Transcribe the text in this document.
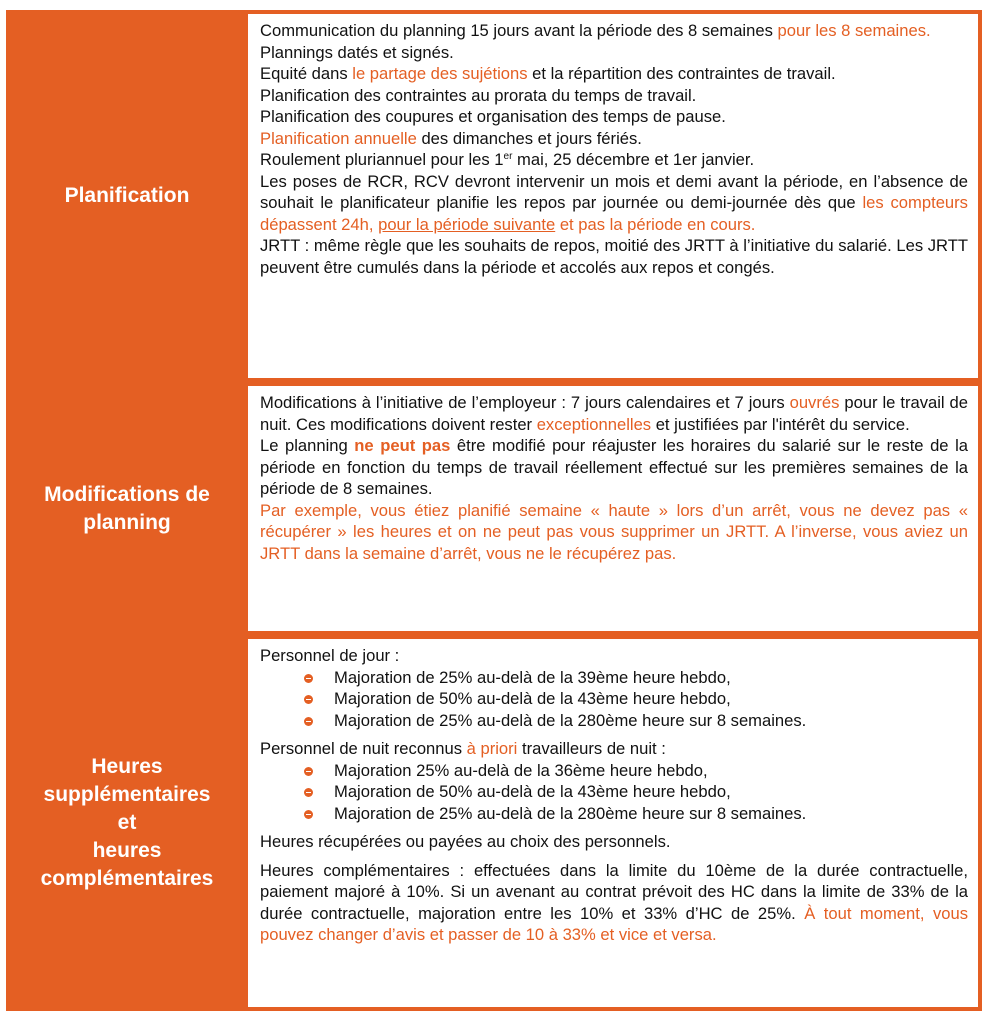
Planification

Communication du planning 15 jours avant la période des 8 semaines pour les 8 semaines.

Plannings datés et signés.

Equité dans le partage des sujétions et la répartition des contraintes de travail.

Planification des contraintes au prorata du temps de travail.

Planification des coupures et organisation des temps de pause.

Planification annuelle des dimanches et jours fériés.

Roulement pluriannuel pour les 1er mai, 25 décembre et 1er janvier.

Les poses de RCR, RCV devront intervenir un mois et demi avant la période, en l’absence de souhait le planificateur planifie les repos par journée ou demi-journée dès que les compteurs dépassent 24h, pour la période suivante et pas la période en cours.

JRTT : même règle que les souhaits de repos, moitié des JRTT à l’initiative du salarié. Les JRTT peuvent être cumulés dans la période et accolés aux repos et congés.

Modifications de
planning

Modifications à l’initiative de l’employeur : 7 jours calendaires et 7 jours ouvrés pour le travail de nuit. Ces modifications doivent rester exceptionnelles et justifiées par l'intérêt du service.

Le planning ne peut pas être modifié pour réajuster les horaires du salarié sur le reste de la période en fonction du temps de travail réellement effectué sur les premières semaines de la période de 8 semaines.

Par exemple, vous étiez planifié semaine « haute » lors d’un arrêt, vous ne devez pas « récupérer » les heures et on ne peut pas vous supprimer un JRTT. A l’inverse, vous aviez un JRTT dans la semaine d’arrêt, vous ne le récupérez pas.

Heures
supplémentaires
et
heures
complémentaires

Personnel de jour :

Majoration de 25% au-delà de la 39ème heure hebdo,
Majoration de 50% au-delà de la 43ème heure hebdo,
Majoration de 25% au-delà de la 280ème heure sur 8 semaines.

Personnel de nuit reconnus à priori travailleurs de nuit :

Majoration 25% au-delà de la 36ème heure hebdo,
Majoration de 50% au-delà de la 43ème heure hebdo,
Majoration de 25% au-delà de la 280ème heure sur 8 semaines.

Heures récupérées ou payées au choix des personnels.

Heures complémentaires : effectuées dans la limite du 10ème de la durée contractuelle, paiement majoré à 10%. Si un avenant au contrat prévoit des HC dans la limite de 33% de la durée contractuelle, majoration entre les 10% et 33% d’HC de 25%. À tout moment, vous pouvez changer d’avis et passer de 10 à 33% et vice et versa.
